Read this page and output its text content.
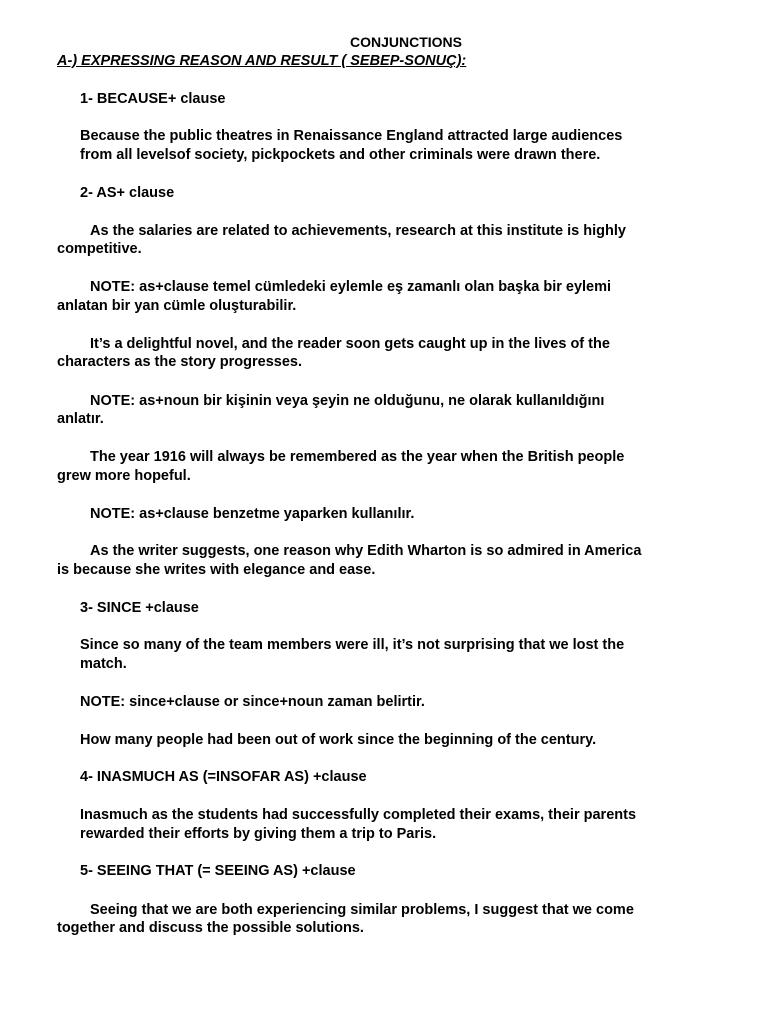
CONJUNCTIONS
A-) EXPRESSING REASON AND RESULT ( SEBEP-SONUÇ):
1- BECAUSE+ clause
Because the public theatres in Renaissance England attracted large audiences
from all levelsof society, pickpockets and other criminals were drawn there.
2- AS+ clause
As the salaries are related to achievements, research at this institute is highly
competitive.
NOTE: as+clause temel cümledeki eylemle eş zamanlı olan başka bir eylemi
anlatan bir yan cümle oluşturabilir.
It’s a delightful novel, and the reader soon gets caught up in the lives of the
characters as the story progresses.
NOTE: as+noun bir kişinin veya şeyin ne olduğunu, ne olarak kullanıldığını
anlatır.
The year 1916 will always be remembered as the year when the British people
grew more hopeful.
NOTE: as+clause benzetme yaparken kullanılır.
As the writer suggests, one reason why Edith Wharton is so admired in America
is because she writes with elegance and ease.
3- SINCE +clause
Since so many of the team members were ill, it’s not surprising that we lost the
match.
NOTE: since+clause or since+noun zaman belirtir.
How many people had been out of work since the beginning of the century.
4- INASMUCH AS (=INSOFAR AS) +clause
Inasmuch as the students had successfully completed their exams, their parents
rewarded their efforts by giving them a trip to Paris.
5- SEEING THAT (= SEEING AS) +clause
Seeing that we are both experiencing similar problems, I suggest that we come
together and discuss the possible solutions.
